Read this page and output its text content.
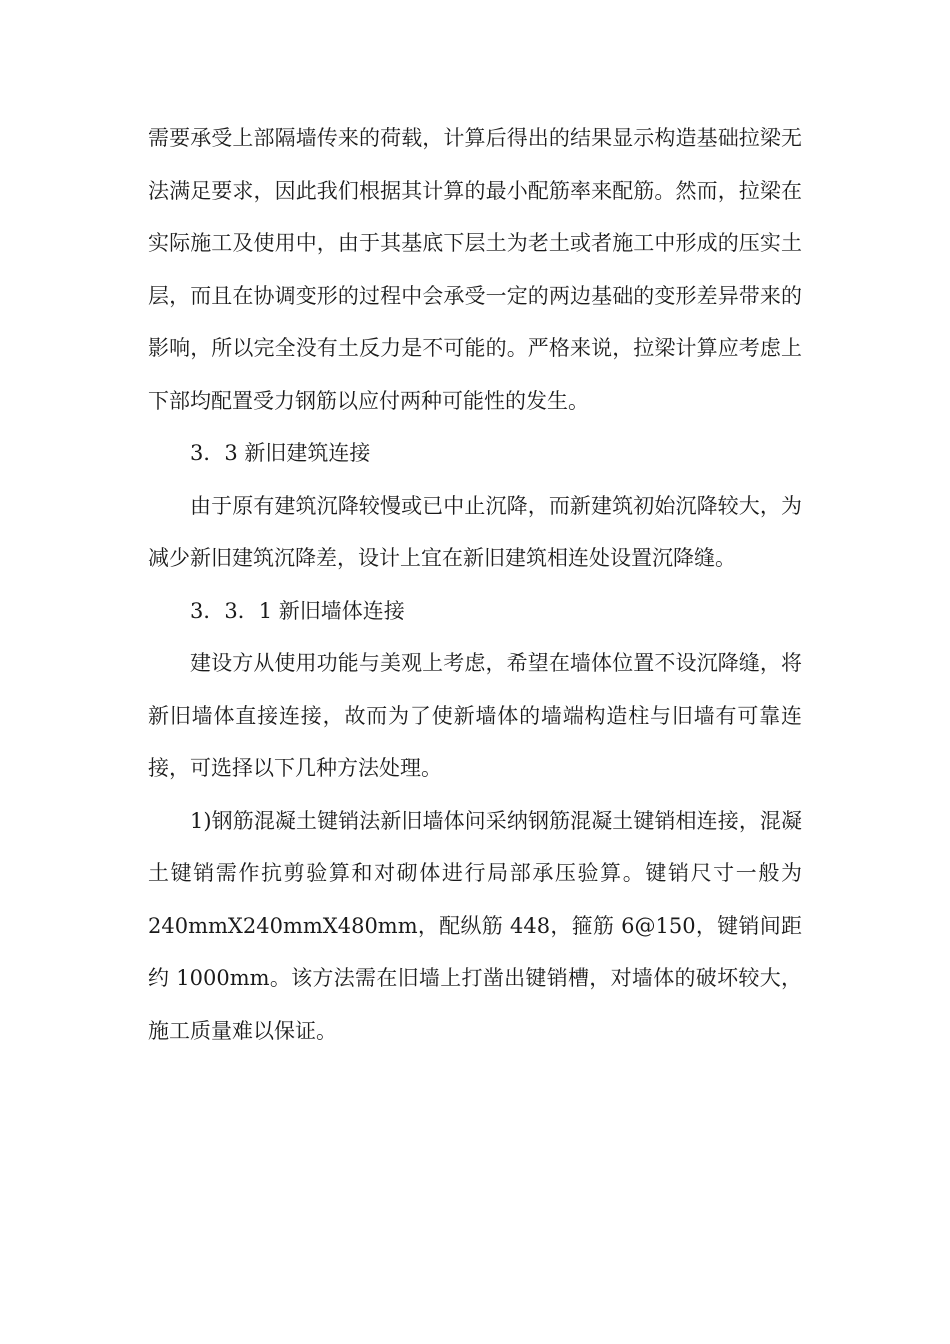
需要承受上部隔墙传来的荷载，计算后得出的结果显示构造基础拉梁无法满足要求，因此我们根据其计算的最小配筋率来配筋。然而，拉梁在实际施工及使用中，由于其基底下层土为老土或者施工中形成的压实土层，而且在协调变形的过程中会承受一定的两边基础的变形差异带来的影响，所以完全没有土反力是不可能的。严格来说，拉梁计算应考虑上下部均配置受力钢筋以应付两种可能性的发生。

3．3 新旧建筑连接

由于原有建筑沉降较慢或已中止沉降，而新建筑初始沉降较大，为减少新旧建筑沉降差，设计上宜在新旧建筑相连处设置沉降缝。

3．3．1 新旧墙体连接

建设方从使用功能与美观上考虑，希望在墙体位置不设沉降缝，将新旧墙体直接连接，故而为了使新墙体的墙端构造柱与旧墙有可靠连接，可选择以下几种方法处理。

1)钢筋混凝土键销法新旧墙体问采纳钢筋混凝土键销相连接，混凝土键销需作抗剪验算和对砌体进行局部承压验算。键销尺寸一般为 240mmX240mmX480mm，配纵筋 448，箍筋 6@150，键销间距约 1000mm。该方法需在旧墙上打凿出键销槽，对墙体的破坏较大，施工质量难以保证。
